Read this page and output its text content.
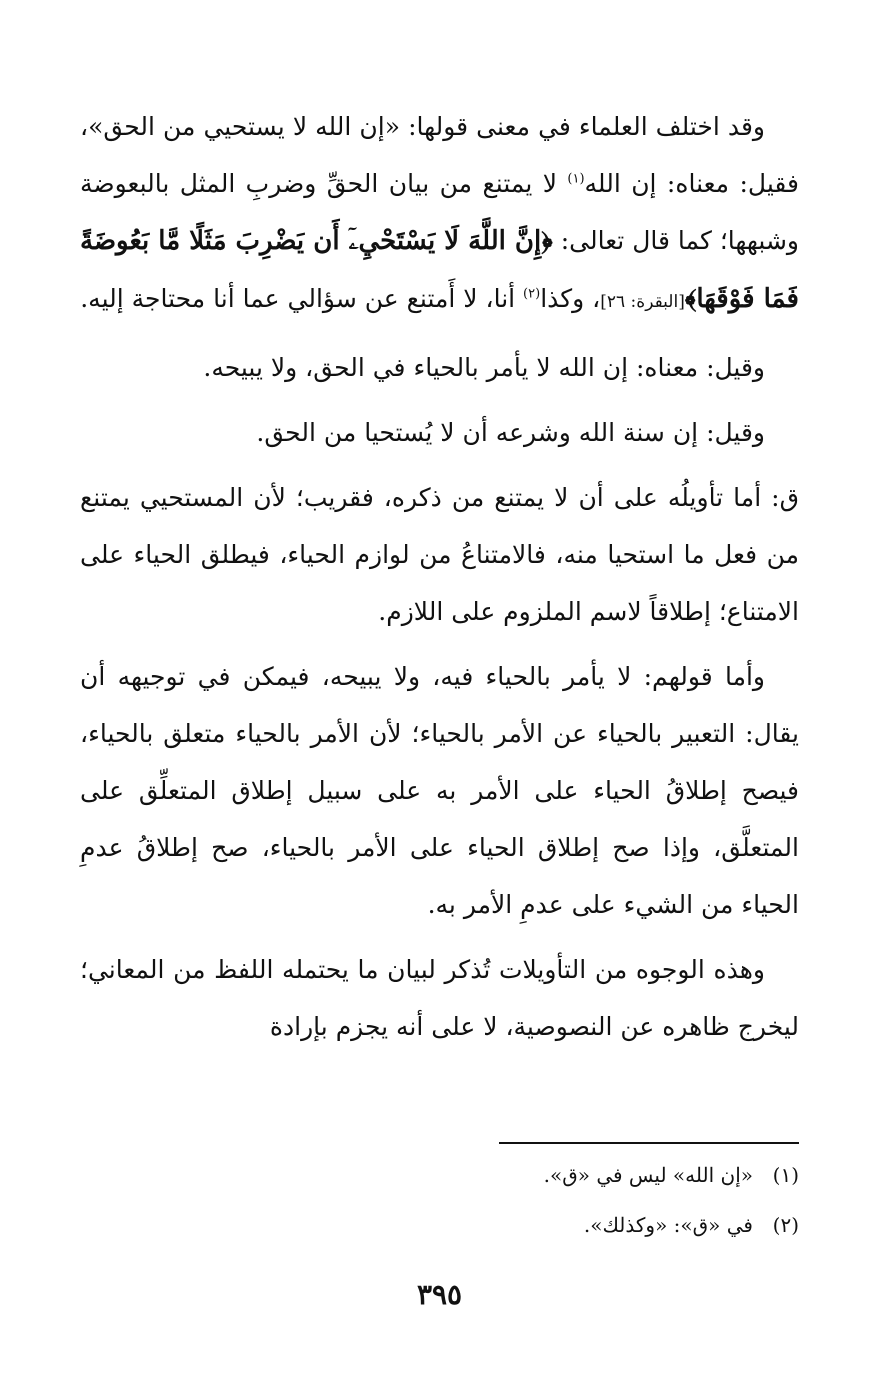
وقد اختلف العلماء في معنى قولها: «إن الله لا يستحيي من الحق»، فقيل: معناه: إن الله$^{(١)}$ لا يمتنع من بيان الحقِّ وضربِ المثل بالبعوضة وشبهها؛ كما قال تعالى: ﴿إِنَّ اللَّهَ لَا يَسْتَحْيِۦٓ أَن يَضْرِبَ مَثَلًا مَّا بَعُوضَةً فَمَا فَوْقَهَا﴾[البقرة: ٢٦]، وكذا$^{(٢)}$ أنا، لا أَمتنع عن سؤالي عما أنا محتاجة إليه.

وقيل: معناه: إن الله لا يأمر بالحياء في الحق، ولا يبيحه.

وقيل: إن سنة الله وشرعه أن لا يُستحيا من الحق.

ق: أما تأويلُه على أن لا يمتنع من ذكره، فقريب؛ لأن المستحيي يمتنع من فعل ما استحيا منه، فالامتناعُ من لوازم الحياء، فيطلق الحياء على الامتناع؛ إطلاقاً لاسم الملزوم على اللازم.

وأما قولهم: لا يأمر بالحياء فيه، ولا يبيحه، فيمكن في توجيهه أن يقال: التعبير بالحياء عن الأمر بالحياء؛ لأن الأمر بالحياء متعلق بالحياء، فيصح إطلاقُ الحياء على الأمر به على سبيل إطلاق المتعلِّق على المتعلَّق، وإذا صح إطلاق الحياء على الأمر بالحياء، صح إطلاقُ عدمِ الحياء من الشيء على عدمِ الأمر به.

وهذه الوجوه من التأويلات تُذكر لبيان ما يحتمله اللفظ من المعاني؛ ليخرج ظاهره عن النصوصية، لا على أنه يجزم بإرادة

(١)
«إن الله» ليس في «ق».
(٢)
في «ق»: «وكذلك».
٣٩٥
